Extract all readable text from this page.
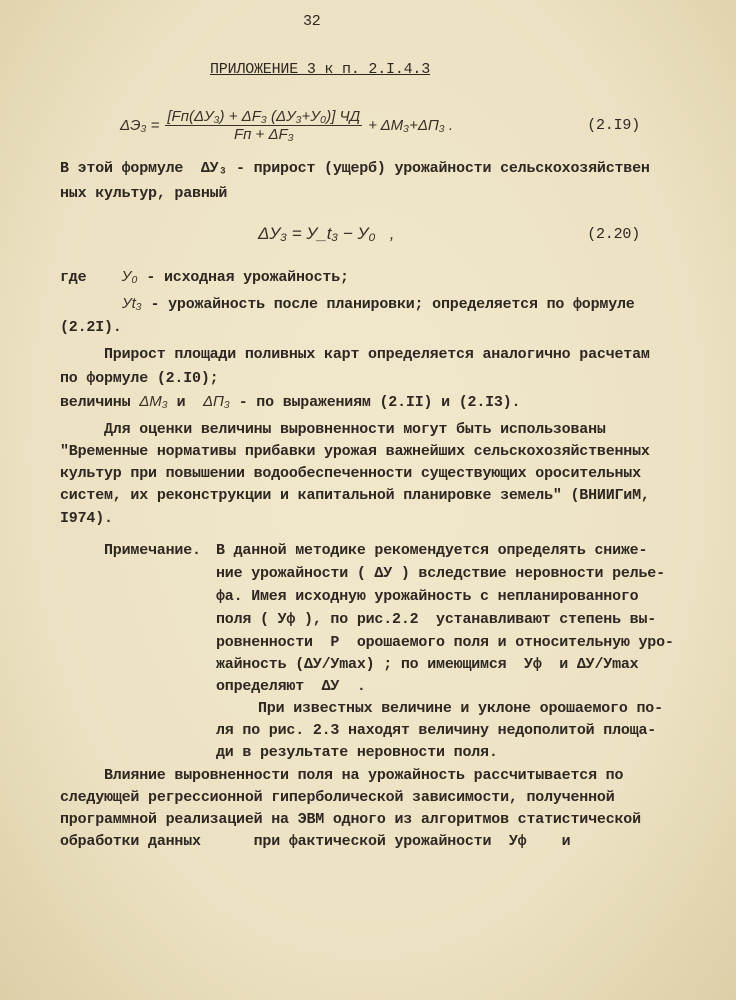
32
ПРИЛОЖЕНИЕ 3 к п. 2.I.4.3
$\Delta Э_3 = \frac{\text{[Fп(ΔУ₃) + ΔF₃ (ΔУ₃+У₀)] ЧД}}{\text{Fп + ΔF₃}} + \Delta M_3+\Delta П_3$ .	(2.I9)
В этой формуле  ΔУ₃ - прирост (ущерб) урожайности сельскохозяйствен
ных культур, равный
ΔУ₃ = У_t₃ − У₀   ,	(2.20)
где У₀ - исходная урожайность;
Уt₃ - урожайность после планировки; определяется по формуле
(2.2I).
Прирост площади поливных карт определяется аналогично расчетам
по формуле (2.I0);
величины ΔM₃ и ΔП₃ - по выражениям (2.II) и (2.I3).
Для оценки величины выровненности могут быть использованы
"Временные нормативы прибавки урожая важнейших сельскохозяйственных
культур при повышении водообеспеченности существующих оросительных
систем, их реконструкции и капитальной планировке земель" (ВНИИГиМ,
I974).
Примечание. В данной методике рекомендуется определять сниже-
ние урожайности ( ΔУ ) вследствие неровности релье-
фа. Имея исходную урожайность с непланированного
поля ( Уф ), по рис.2.2  устанавливают степень вы-
ровненности  P  орошаемого поля и относительную уро-
жайность (ΔУ/Уmax) ; по имеющимся  Уф  и ΔУ/Уmax
определяют  ΔУ  .
При известных величине и уклоне орошаемого по-
ля по рис. 2.3 находят величину недополитой площа-
ди в результате неровности поля.
Влияние выровненности поля на урожайность рассчитывается по
следующей регрессионной гиперболической зависимости, полученной
программной реализацией на ЭВМ одного из алгоритмов статистической
обработки данных      при фактической урожайности  Уф    и
